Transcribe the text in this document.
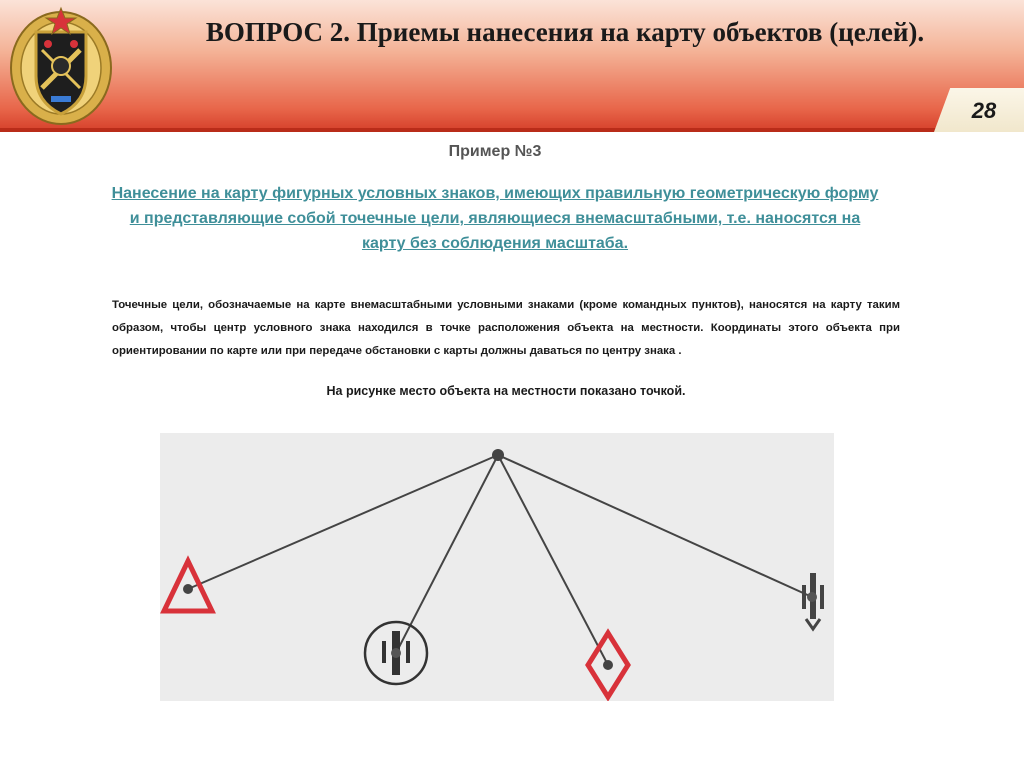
ВОПРОС 2. Приемы нанесения на карту объектов (целей).
28
Пример №3

Нанесение на карту фигурных условных знаков, имеющих правильную геометрическую форму и представляющие собой точечные цели, являющиеся внемасштабными, т.е. наносятся на карту без соблюдения масштаба.

Точечные цели, обозначаемые на карте внемасштабными условными знаками (кроме командных пунктов), наносятся на карту таким образом, чтобы центр условного знака находился в точке расположения объекта на местности. Координаты этого объекта при ориентировании по карте или при передаче обстановки с карты должны даваться по центру знака .

На рисунке место объекта на местности показано точкой.
